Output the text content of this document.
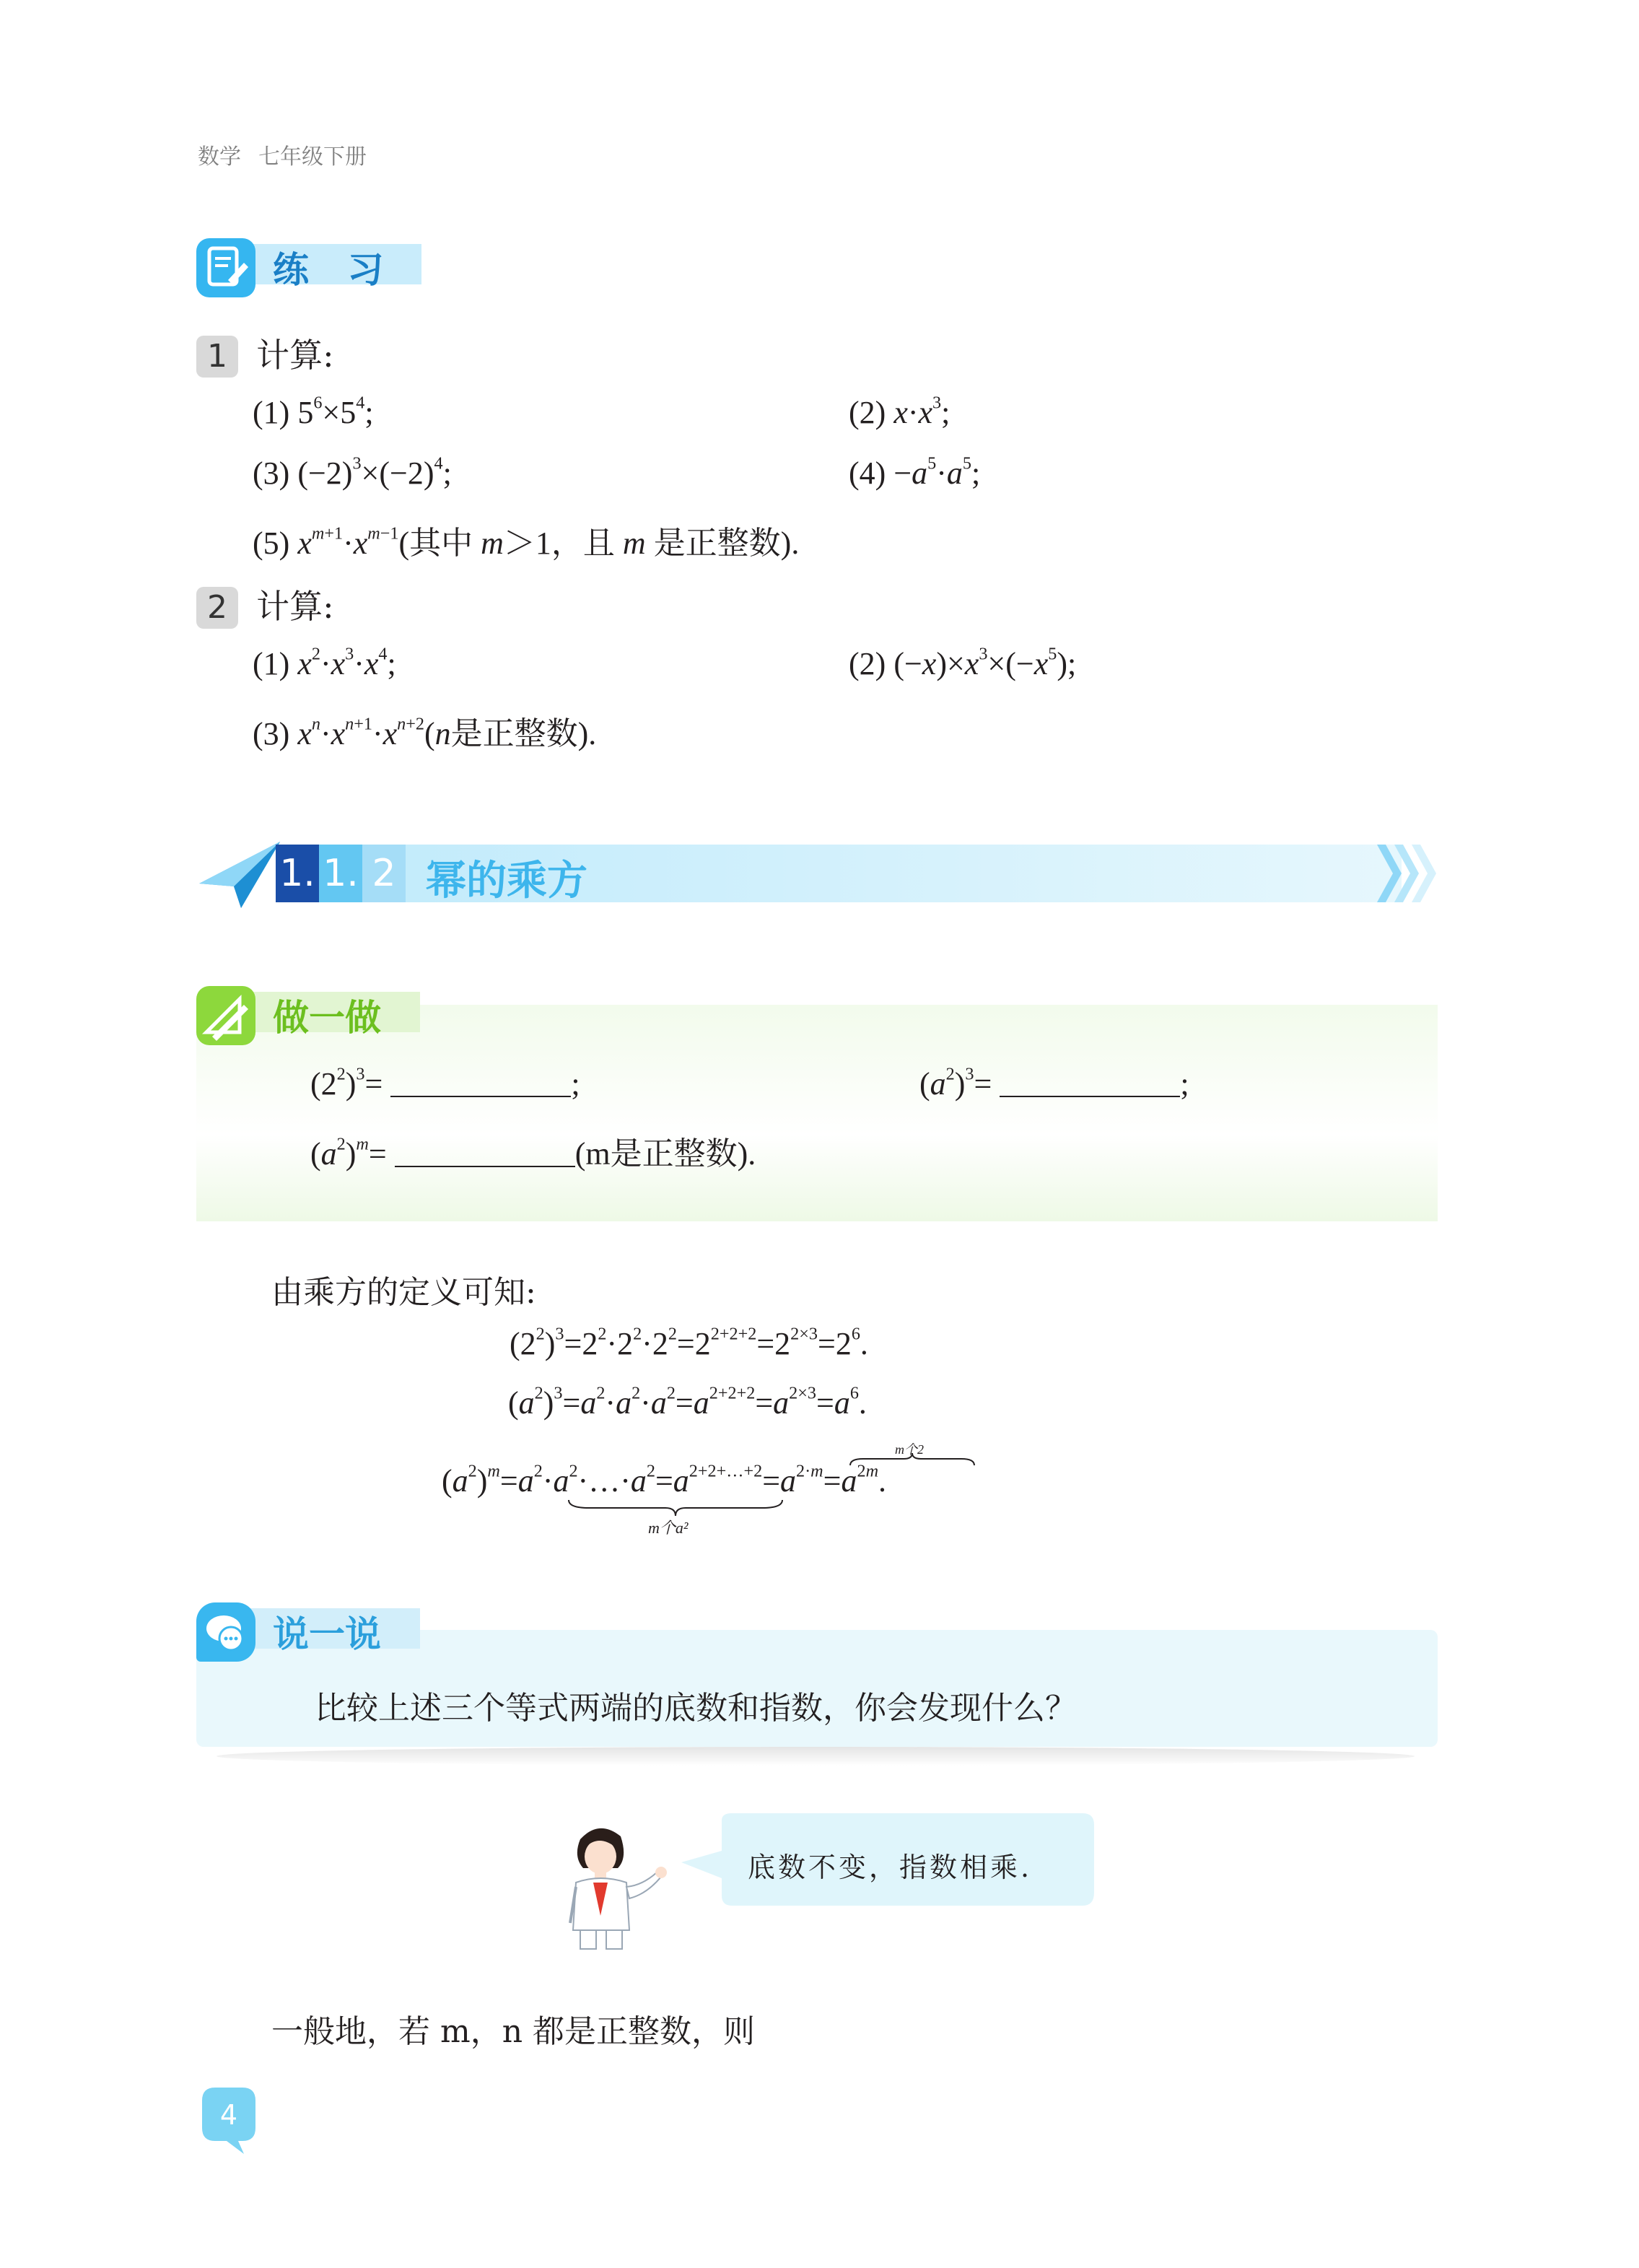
数学 七年级下册
练 习
1 计算:
(1) $5^6\times 5^4$;	(2) $x\cdot x^3$;
(3) $(-2)^3\times(-2)^4$;	$(4) -a^5\cdot a^5$;
(5) $x^{m+1}\cdot x^{m-1}$(其中 m＞1，且 m 是正整数).
2 计算:
(1) $x^2\cdot x^3\cdot x^4$;	(2) $(-x)\times x^3\times(-x^5)$;
(3) $x^n\cdot x^{n+1}\cdot x^{n+2}(n$是正整数).
1. 1. 2 幂的乘方
做一做
$(2^2)^3=$	;	$(a^2)^3=$	;
$(a^2)^m=$	(m是正整数).
由乘方的定义可知:
$(2^2)^3=2^2\cdot 2^2\cdot 2^2=2^{2+2+2}=2^{2\times 3}=2^6$.
$(a^2)^3=a^2\cdot a^2\cdot a^2=a^{2+2+2}=a^{2\times 3}=a^6$.
$(a^2)^m=a^2\cdot a^2\cdot\dots\cdot a^2=a^{2+2+\dots+2}=a^{2\cdot m}=a^{2m}$.
m个a²
m个2
说一说
比较上述三个等式两端的底数和指数，你会发现什么？
底数不变，指数相乘.
一般地，若 m，n 都是正整数，则
4
